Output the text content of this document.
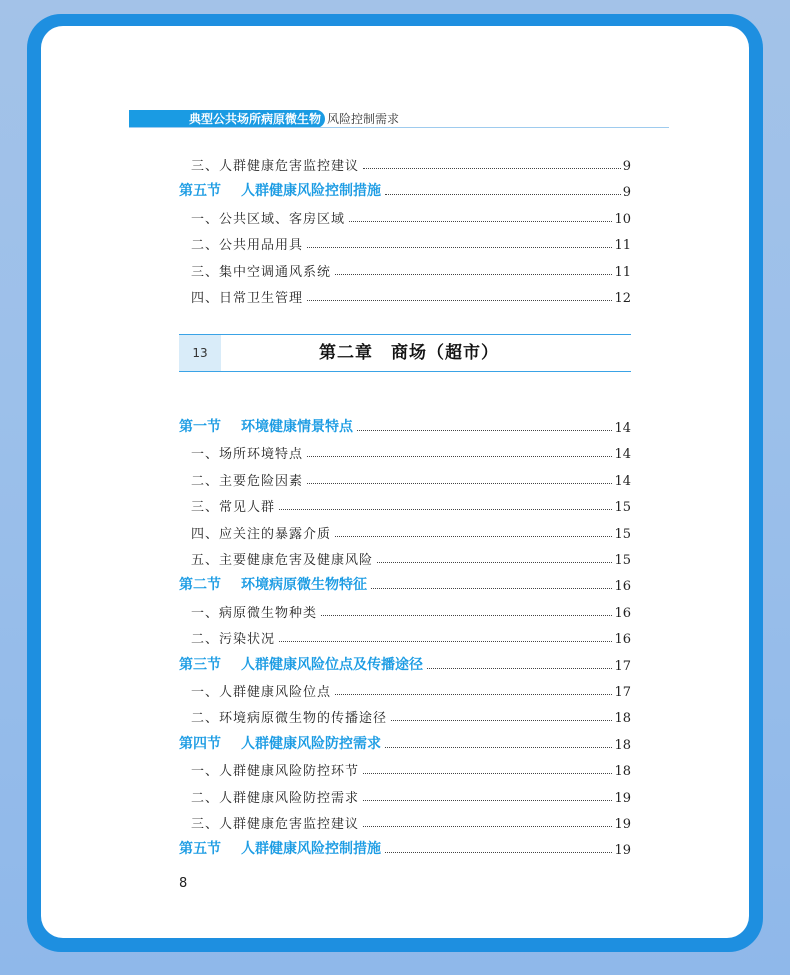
典型公共场所病原微生物 风险控制需求
三、人群健康危害监控建议	9
第五节	人群健康风险控制措施	9
一、公共区域、客房区域	10
二、公共用品用具	11
三、集中空调通风系统	11
四、日常卫生管理	12
13	第二章　商场（超市）
第一节	环境健康情景特点	14
一、场所环境特点	14
二、主要危险因素	14
三、常见人群	15
四、应关注的暴露介质	15
五、主要健康危害及健康风险	15
第二节	环境病原微生物特征	16
一、病原微生物种类	16
二、污染状况	16
第三节	人群健康风险位点及传播途径	17
一、人群健康风险位点	17
二、环境病原微生物的传播途径	18
第四节	人群健康风险防控需求	18
一、人群健康风险防控环节	18
二、人群健康风险防控需求	19
三、人群健康危害监控建议	19
第五节	人群健康风险控制措施	19
8
